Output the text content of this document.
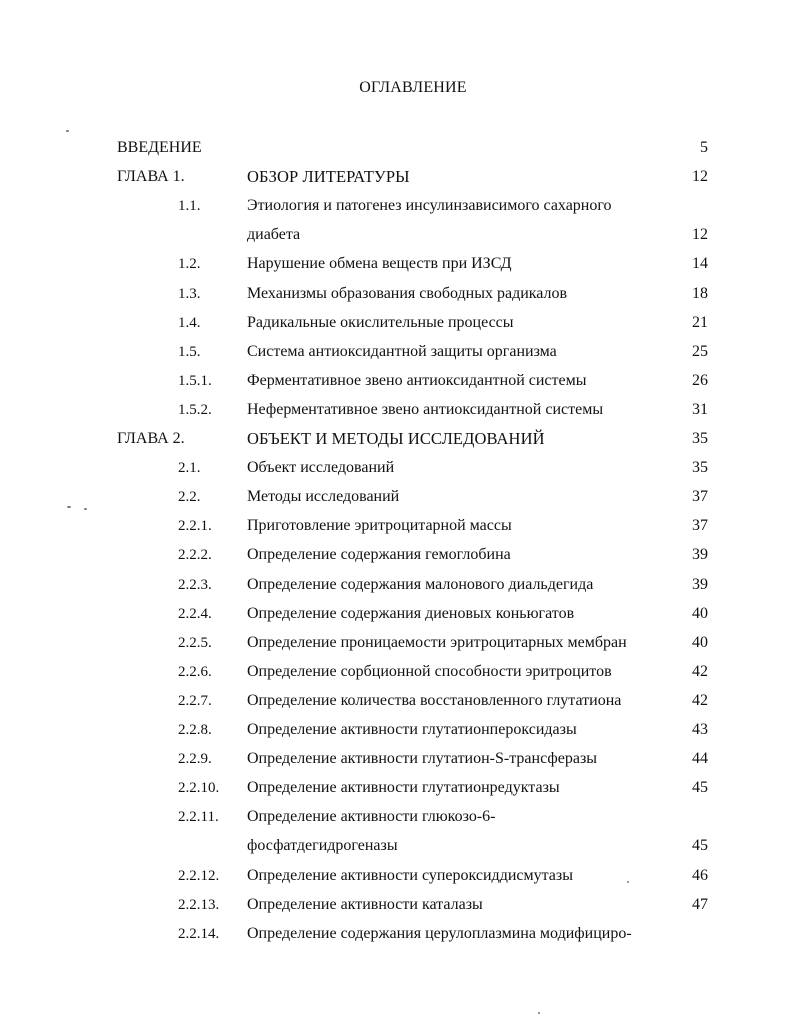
ОГЛАВЛЕНИЕ
ВВЕДЕНИЕ	5
ГЛАВА 1.	ОБЗОР ЛИТЕРАТУРЫ	12
1.1.	Этиология и патогенез инсулинзависимого сахарного
диабета	12
1.2.	Нарушение обмена веществ при ИЗСД	14
1.3.	Механизмы образования свободных радикалов	18
1.4.	Радикальные окислительные процессы	21
1.5.	Система антиоксидантной защиты организма	25
1.5.1. Ферментативное звено антиоксидантной системы	26
1.5.2. Неферментативное звено антиоксидантной системы	31
ГЛАВА 2.	ОБЪЕКТ И МЕТОДЫ ИССЛЕДОВАНИЙ	35
2.1.	Объект исследований	35
2.2.	Методы исследований	37
2.2.1. Приготовление эритроцитарной массы	37
2.2.2. Определение содержания гемоглобина	39
2.2.3. Определение содержания малонового диальдегида	39
2.2.4. Определение содержания диеновых коньюгатов	40
2.2.5. Определение проницаемости эритроцитарных мембран	40
2.2.6. Определение сорбционной способности эритроцитов	42
2.2.7. Определение количества восстановленного глутатиона	42
2.2.8. Определение активности глутатионпероксидазы	43
2.2.9. Определение активности глутатион-S-трансферазы	44
2.2.10. Определение активности глутатионредуктазы	45
2.2.11. Определение активности глюкозо-6-
фосфатдегидрогеназы	45
2.2.12. Определение активности супероксиддисмутазы	46
2.2.13. Определение активности каталазы	47
2.2.14. Определение содержания церулоплазмина модифициро-
